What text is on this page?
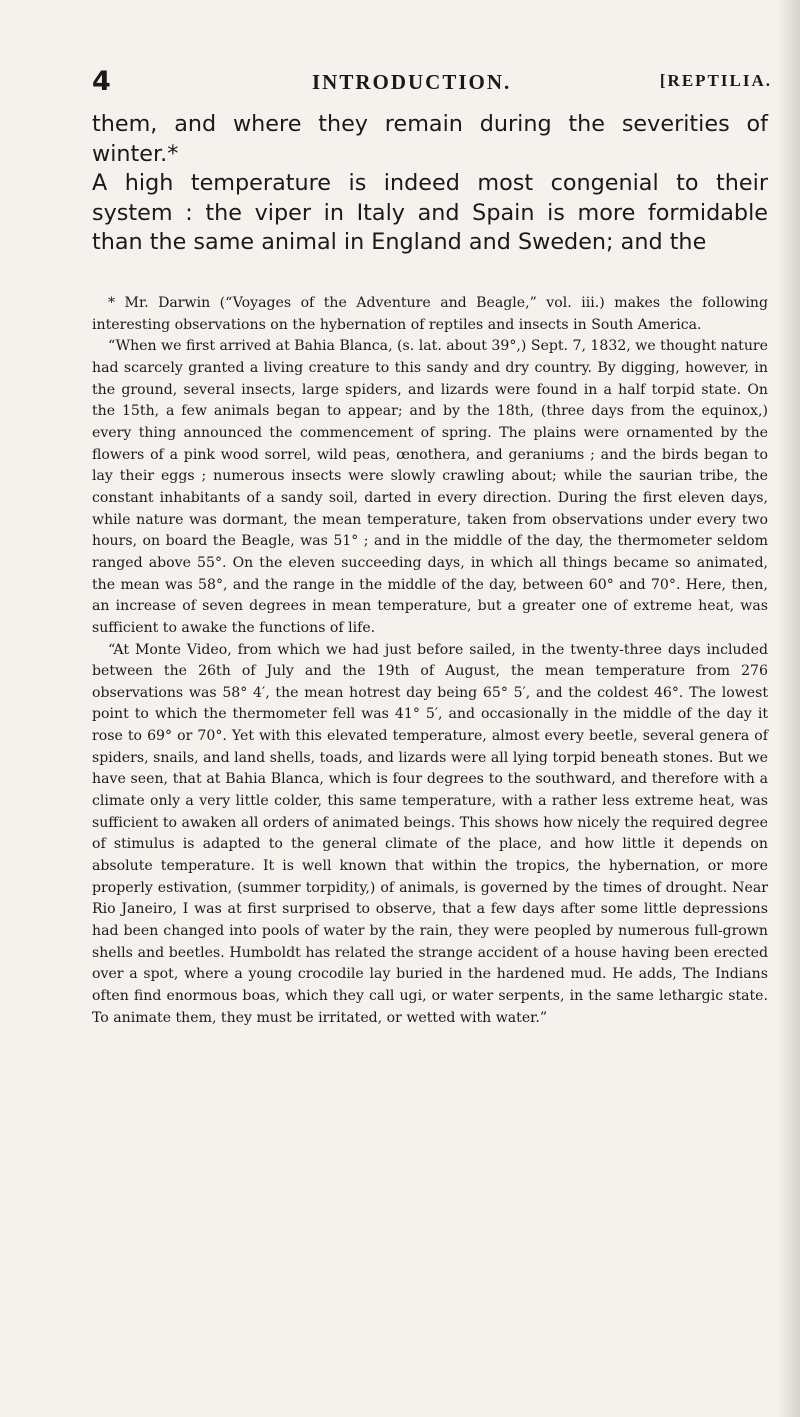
4	INTRODUCTION.	[REPTILIA.

them, and where they remain during the severities of winter.*

A high temperature is indeed most congenial to their system : the viper in Italy and Spain is more formidable than the same animal in England and Sweden; and the

* Mr. Darwin (“Voyages of the Adventure and Beagle,” vol. iii.) makes the following interesting observations on the hybernation of reptiles and insects in South America.

“When we first arrived at Bahia Blanca, (s. lat. about 39°,) Sept. 7, 1832, we thought nature had scarcely granted a living creature to this sandy and dry country. By digging, however, in the ground, several insects, large spiders, and lizards were found in a half torpid state. On the 15th, a few animals began to appear; and by the 18th, (three days from the equinox,) every thing announced the commencement of spring. The plains were ornamented by the flowers of a pink wood sorrel, wild peas, œnothera, and geraniums ; and the birds began to lay their eggs ; numerous insects were slowly crawling about; while the saurian tribe, the constant inhabitants of a sandy soil, darted in every direction. During the first eleven days, while nature was dormant, the mean temperature, taken from observations under every two hours, on board the Beagle, was 51° ; and in the middle of the day, the thermometer seldom ranged above 55°. On the eleven succeeding days, in which all things became so animated, the mean was 58°, and the range in the middle of the day, between 60° and 70°. Here, then, an increase of seven degrees in mean temperature, but a greater one of extreme heat, was sufficient to awake the functions of life.

“At Monte Video, from which we had just before sailed, in the twenty-three days included between the 26th of July and the 19th of August, the mean temperature from 276 observations was 58° 4′, the mean hotrest day being 65° 5′, and the coldest 46°. The lowest point to which the thermometer fell was 41° 5′, and occasionally in the middle of the day it rose to 69° or 70°. Yet with this elevated temperature, almost every beetle, several genera of spiders, snails, and land shells, toads, and lizards were all lying torpid beneath stones. But we have seen, that at Bahia Blanca, which is four degrees to the southward, and therefore with a climate only a very little colder, this same temperature, with a rather less extreme heat, was sufficient to awaken all orders of animated beings. This shows how nicely the required degree of stimulus is adapted to the general climate of the place, and how little it depends on absolute temperature. It is well known that within the tropics, the hybernation, or more properly estivation, (summer torpidity,) of animals, is governed by the times of drought. Near Rio Janeiro, I was at first surprised to observe, that a few days after some little depressions had been changed into pools of water by the rain, they were peopled by numerous full-grown shells and beetles. Humboldt has related the strange accident of a house having been erected over a spot, where a young crocodile lay buried in the hardened mud. He adds, The Indians often find enormous boas, which they call ugi, or water serpents, in the same lethargic state. To animate them, they must be irritated, or wetted with water.”
